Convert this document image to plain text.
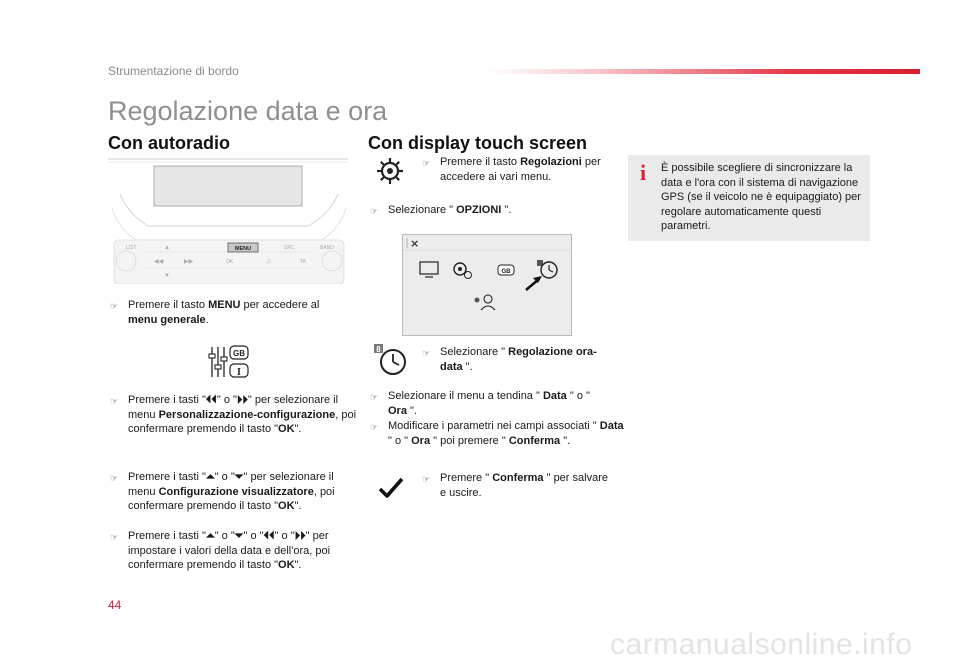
Strumentazione di bordo
Regolazione data e ora
Con autoradio
MENU
LIST	SRC	BAND
OK	TA
▲
◀◀	▶▶
▼
♫
☞ Premere il tasto MENU per accedere al menu generale.
GB
I
☞ Premere i tasti "⏴⏴" o "⏵⏵" per selezionare il menu Personalizzazione-configurazione, poi confermare premendo il tasto "OK".
☞ Premere i tasti "⏶" o "⏷" per selezionare il menu Configurazione visualizzatore, poi confermare premendo il tasto "OK".
☞ Premere i tasti "⏶" o "⏷" o "⏴⏴" o "⏵⏵" per impostare i valori della data e dell'ora, poi confermare premendo il tasto "OK".
Con display touch screen
☞ Premere il tasto Regolazioni per accedere ai vari menu.
☞ Selezionare " OPZIONI ".
×
GB
8	☞ Selezionare " Regolazione ora-data ".
☞ Selezionare il menu a tendina " Data " o " Ora ".
☞ Modificare i parametri nei campi associati " Data " o " Ora " poi premere " Conferma ".
☞ Premere " Conferma " per salvare e uscire.
i È possibile scegliere di sincronizzare la data e l'ora con il sistema di navigazione GPS (se il veicolo ne è equipaggiato) per regolare automaticamente questi parametri.
44
carmanualsonline.info
